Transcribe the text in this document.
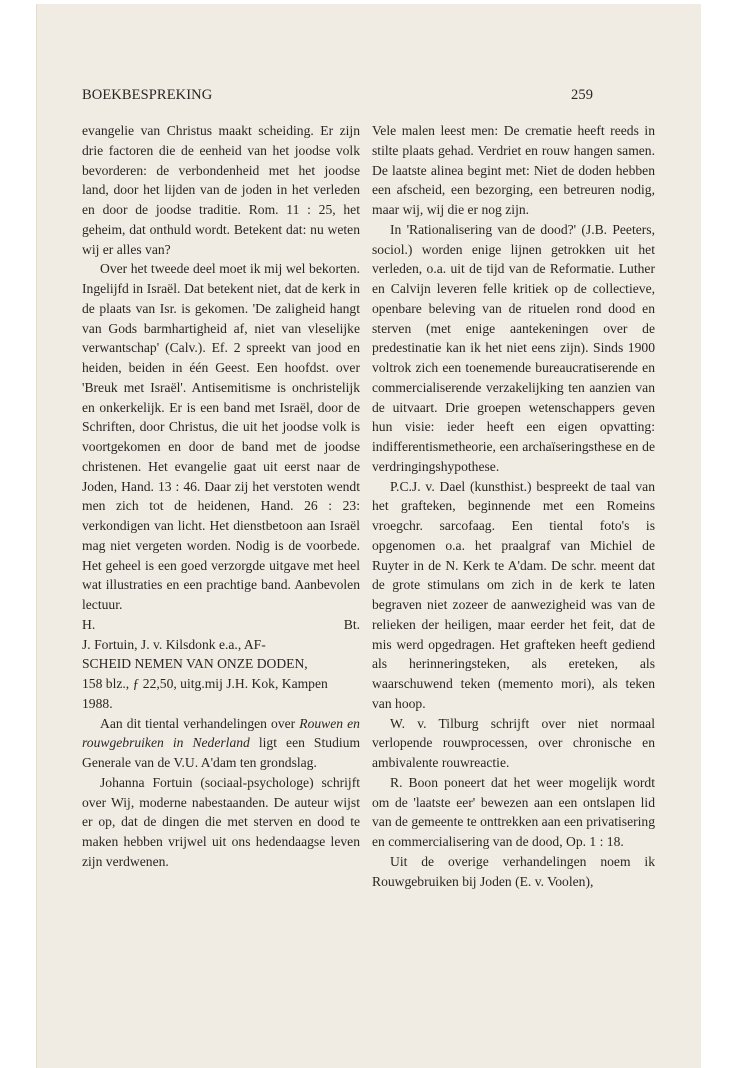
BOEKBESPREKING	259

evangelie van Christus maakt scheiding. Er zijn drie factoren die de eenheid van het joodse volk bevorderen: de verbondenheid met het joodse land, door het lijden van de joden in het verleden en door de joodse traditie. Rom. 11 : 25, het geheim, dat onthuld wordt. Betekent dat: nu weten wij er alles van?

Over het tweede deel moet ik mij wel bekorten. Ingelijfd in Israël. Dat betekent niet, dat de kerk in de plaats van Isr. is gekomen. 'De zaligheid hangt van Gods barmhartigheid af, niet van vleselijke verwantschap' (Calv.). Ef. 2 spreekt van jood en heiden, beiden in één Geest. Een hoofdst. over 'Breuk met Israël'. Antisemitisme is onchristelijk en onkerkelijk. Er is een band met Israël, door de Schriften, door Christus, die uit het joodse volk is voortgekomen en door de band met de joodse christenen. Het evangelie gaat uit eerst naar de Joden, Hand. 13 : 46. Daar zij het verstoten wendt men zich tot de heidenen, Hand. 26 : 23: verkondigen van licht. Het dienstbetoon aan Israël mag niet vergeten worden. Nodig is de voorbede. Het geheel is een goed verzorgde uitgave met heel wat illustraties en een prachtige band. Aanbevolen lectuur.

H.	Bt.

J. Fortuin, J. v. Kilsdonk e.a., AF-
SCHEID NEMEN VAN ONZE DODEN,
158 blz., ƒ 22,50, uitg.mij J.H. Kok, Kampen 1988.

Aan dit tiental verhandelingen over Rouwen en rouwgebruiken in Nederland ligt een Studium Generale van de V.U. A'dam ten grondslag.

Johanna Fortuin (sociaal-psychologe) schrijft over Wij, moderne nabestaanden. De auteur wijst er op, dat de dingen die met sterven en dood te maken hebben vrijwel uit ons hedendaagse leven zijn verdwenen.

Vele malen leest men: De crematie heeft reeds in stilte plaats gehad. Verdriet en rouw hangen samen. De laatste alinea begint met: Niet de doden hebben een afscheid, een bezorging, een betreuren nodig, maar wij, wij die er nog zijn.

In 'Rationalisering van de dood?' (J.B. Peeters, sociol.) worden enige lijnen getrokken uit het verleden, o.a. uit de tijd van de Reformatie. Luther en Calvijn leveren felle kritiek op de collectieve, openbare beleving van de rituelen rond dood en sterven (met enige aantekeningen over de predestinatie kan ik het niet eens zijn). Sinds 1900 voltrok zich een toenemende bureaucratiserende en commercialiserende verzakelijking ten aanzien van de uitvaart. Drie groepen wetenschappers geven hun visie: ieder heeft een eigen opvatting: indifferentismetheorie, een archaïseringsthese en de verdringingshypothese.

P.C.J. v. Dael (kunsthist.) bespreekt de taal van het grafteken, beginnende met een Romeins vroegchr. sarcofaag. Een tiental foto's is opgenomen o.a. het praalgraf van Michiel de Ruyter in de N. Kerk te A'dam. De schr. meent dat de grote stimulans om zich in de kerk te laten begraven niet zozeer de aanwezigheid was van de relieken der heiligen, maar eerder het feit, dat de mis werd opgedragen. Het grafteken heeft gediend als herinneringsteken, als ereteken, als waarschuwend teken (memento mori), als teken van hoop.

W. v. Tilburg schrijft over niet normaal verlopende rouwprocessen, over chronische en ambivalente rouwreactie.

R. Boon poneert dat het weer mogelijk wordt om de 'laatste eer' bewezen aan een ontslapen lid van de gemeente te onttrekken aan een privatisering en commercialisering van de dood, Op. 1 : 18.

Uit de overige verhandelingen noem ik Rouwgebruiken bij Joden (E. v. Voolen),
